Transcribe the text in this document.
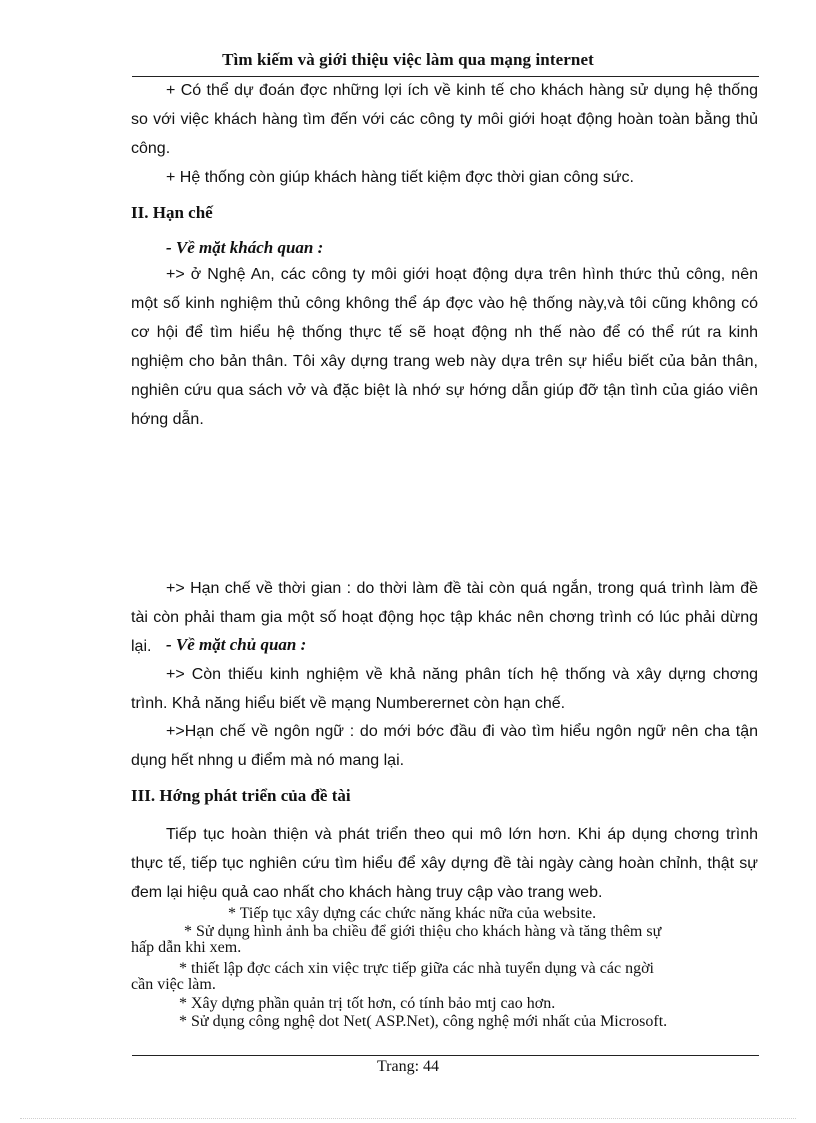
Tìm kiếm và giới thiệu việc làm qua mạng internet

+ Có thể dự đoán đợc những lợi ích về kinh tế cho khách hàng sử dụng hệ thống so với việc khách hàng tìm đến với các công ty môi giới hoạt động hoàn toàn bằng thủ công.

+ Hệ thống còn giúp khách hàng tiết kiệm đợc thời gian công sức.

II. Hạn chế
- Về mặt khách quan :

+> ở Nghệ An, các công ty môi giới hoạt động dựa trên hình thức thủ công, nên một số kinh nghiệm thủ công không thể áp đợc vào hệ thống này,và tôi cũng không có cơ hội để tìm hiểu hệ thống thực tế sẽ hoạt động nh thế nào để có thể rút ra kinh nghiệm cho bản thân. Tôi xây dựng trang web này dựa trên sự hiểu biết của bản thân, nghiên cứu qua sách vở và đặc biệt là nhớ sự hớng dẫn giúp đỡ tận tình của giáo viên hớng dẫn.

+> Hạn chế về thời gian : do thời làm đề tài còn quá ngắn, trong quá trình làm đề tài còn phải tham gia một số hoạt động học tập khác nên chơng trình có lúc phải dừng lại. - Về mặt chủ quan :

+> Còn thiếu kinh nghiệm về khả năng phân tích hệ thống và xây dựng chơng trình. Khả năng hiểu biết về mạng Numberernet còn hạn chế.

+>Hạn chế về ngôn ngữ : do mới bớc đầu đi vào tìm hiểu ngôn ngữ nên cha tận dụng hết nhng u điểm mà nó mang lại.

III. Hớng phát triển của đề tài

Tiếp tục hoàn thiện và phát triển theo qui mô lớn hơn. Khi áp dụng chơng trình thực tế, tiếp tục nghiên cứu tìm hiểu để xây dựng đề tài ngày càng hoàn chỉnh, thật sự đem lại hiệu quả cao nhất cho khách hàng truy cập vào trang web.

* Tiếp tục xây dựng các chức năng khác nữa của website.

* Sử dụng hình ảnh ba chiều để giới thiệu cho khách hàng và tăng thêm sự

hấp dẫn khi xem.

* thiết lập đợc cách xin việc trực tiếp giữa các nhà tuyển dụng và các ngời

cần việc làm.

* Xây dựng phần quản trị tốt hơn, có tính bảo mtj cao hơn.

* Sử dụng công nghệ dot Net( ASP.Net), công nghệ mới nhất của Microsoft.

Trang: 44
